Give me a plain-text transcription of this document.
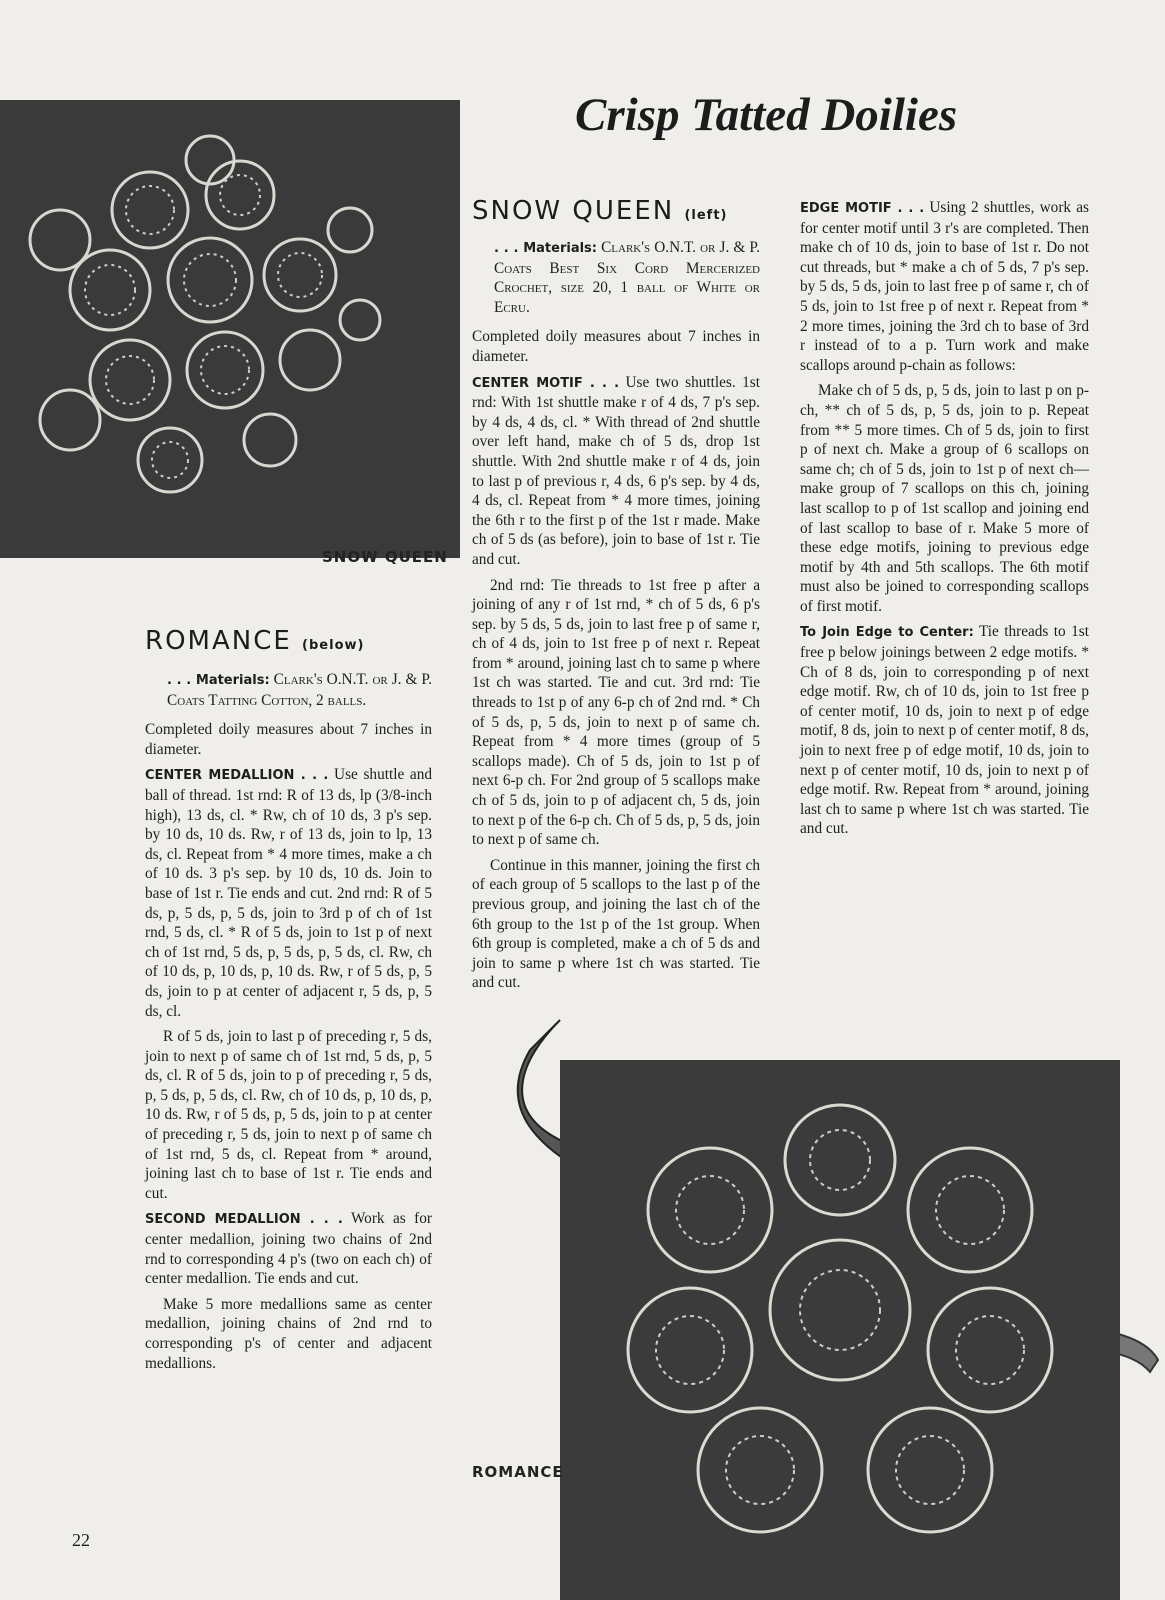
Crisp Tatted Doilies
SNOW QUEEN
ROMANCE (below)

. . . Materials: Clark's O.N.T. or J. & P. Coats Tatting Cotton, 2 balls.

Completed doily measures about 7 inches in diameter.

CENTER MEDALLION . . . Use shuttle and ball of thread. 1st rnd: R of 13 ds, lp (3/8-inch high), 13 ds, cl. * Rw, ch of 10 ds, 3 p's sep. by 10 ds, 10 ds. Rw, r of 13 ds, join to lp, 13 ds, cl. Repeat from * 4 more times, make a ch of 10 ds. 3 p's sep. by 10 ds, 10 ds. Join to base of 1st r. Tie ends and cut. 2nd rnd: R of 5 ds, p, 5 ds, p, 5 ds, join to 3rd p of ch of 1st rnd, 5 ds, cl. * R of 5 ds, join to 1st p of next ch of 1st rnd, 5 ds, p, 5 ds, p, 5 ds, cl. Rw, ch of 10 ds, p, 10 ds, p, 10 ds. Rw, r of 5 ds, p, 5 ds, join to p at center of adjacent r, 5 ds, p, 5 ds, cl.

R of 5 ds, join to last p of preceding r, 5 ds, join to next p of same ch of 1st rnd, 5 ds, p, 5 ds, cl. R of 5 ds, join to p of preceding r, 5 ds, p, 5 ds, p, 5 ds, cl. Rw, ch of 10 ds, p, 10 ds, p, 10 ds. Rw, r of 5 ds, p, 5 ds, join to p at center of preceding r, 5 ds, join to next p of same ch of 1st rnd, 5 ds, cl. Repeat from * around, joining last ch to base of 1st r. Tie ends and cut.

SECOND MEDALLION . . . Work as for center medallion, joining two chains of 2nd rnd to corresponding 4 p's (two on each ch) of center medallion. Tie ends and cut.

Make 5 more medallions same as center medallion, joining chains of 2nd rnd to corresponding p's of center and adjacent medallions.

SNOW QUEEN (left)

. . . Materials: Clark's O.N.T. or J. & P. Coats Best Six Cord Mercerized Crochet, size 20, 1 ball of White or Ecru.

Completed doily measures about 7 inches in diameter.

CENTER MOTIF . . . Use two shuttles. 1st rnd: With 1st shuttle make r of 4 ds, 7 p's sep. by 4 ds, 4 ds, cl. * With thread of 2nd shuttle over left hand, make ch of 5 ds, drop 1st shuttle. With 2nd shuttle make r of 4 ds, join to last p of previous r, 4 ds, 6 p's sep. by 4 ds, 4 ds, cl. Repeat from * 4 more times, joining the 6th r to the first p of the 1st r made. Make ch of 5 ds (as before), join to base of 1st r. Tie and cut.

2nd rnd: Tie threads to 1st free p after a joining of any r of 1st rnd, * ch of 5 ds, 6 p's sep. by 5 ds, 5 ds, join to last free p of same r, ch of 4 ds, join to 1st free p of next r. Repeat from * around, joining last ch to same p where 1st ch was started. Tie and cut. 3rd rnd: Tie threads to 1st p of any 6-p ch of 2nd rnd. * Ch of 5 ds, p, 5 ds, join to next p of same ch. Repeat from * 4 more times (group of 5 scallops made). Ch of 5 ds, join to 1st p of next 6-p ch. For 2nd group of 5 scallops make ch of 5 ds, join to p of adjacent ch, 5 ds, join to next p of the 6-p ch. Ch of 5 ds, p, 5 ds, join to next p of same ch.

Continue in this manner, joining the first ch of each group of 5 scallops to the last p of the previous group, and joining the last ch of the 6th group to the 1st p of the 1st group. When 6th group is completed, make a ch of 5 ds and join to same p where 1st ch was started. Tie and cut.

EDGE MOTIF . . . Using 2 shuttles, work as for center motif until 3 r's are completed. Then make ch of 10 ds, join to base of 1st r. Do not cut threads, but * make a ch of 5 ds, 7 p's sep. by 5 ds, 5 ds, join to last free p of same r, ch of 5 ds, join to 1st free p of next r. Repeat from * 2 more times, joining the 3rd ch to base of 3rd r instead of to a p. Turn work and make scallops around p-chain as follows:

Make ch of 5 ds, p, 5 ds, join to last p on p-ch, ** ch of 5 ds, p, 5 ds, join to p. Repeat from ** 5 more times. Ch of 5 ds, join to first p of next ch. Make a group of 6 scallops on same ch; ch of 5 ds, join to 1st p of next ch—make group of 7 scallops on this ch, joining last scallop to p of 1st scallop and joining end of last scallop to base of r. Make 5 more of these edge motifs, joining to previous edge motif by 4th and 5th scallops. The 6th motif must also be joined to corresponding scallops of first motif.

To Join Edge to Center: Tie threads to 1st free p below joinings between 2 edge motifs. * Ch of 8 ds, join to corresponding p of next edge motif. Rw, ch of 10 ds, join to 1st free p of center motif, 10 ds, join to next p of edge motif, 8 ds, join to next p of center motif, 8 ds, join to next free p of edge motif, 10 ds, join to next p of center motif, 10 ds, join to next p of edge motif. Rw. Repeat from * around, joining last ch to same p where 1st ch was started. Tie and cut.

ROMANCE
22
